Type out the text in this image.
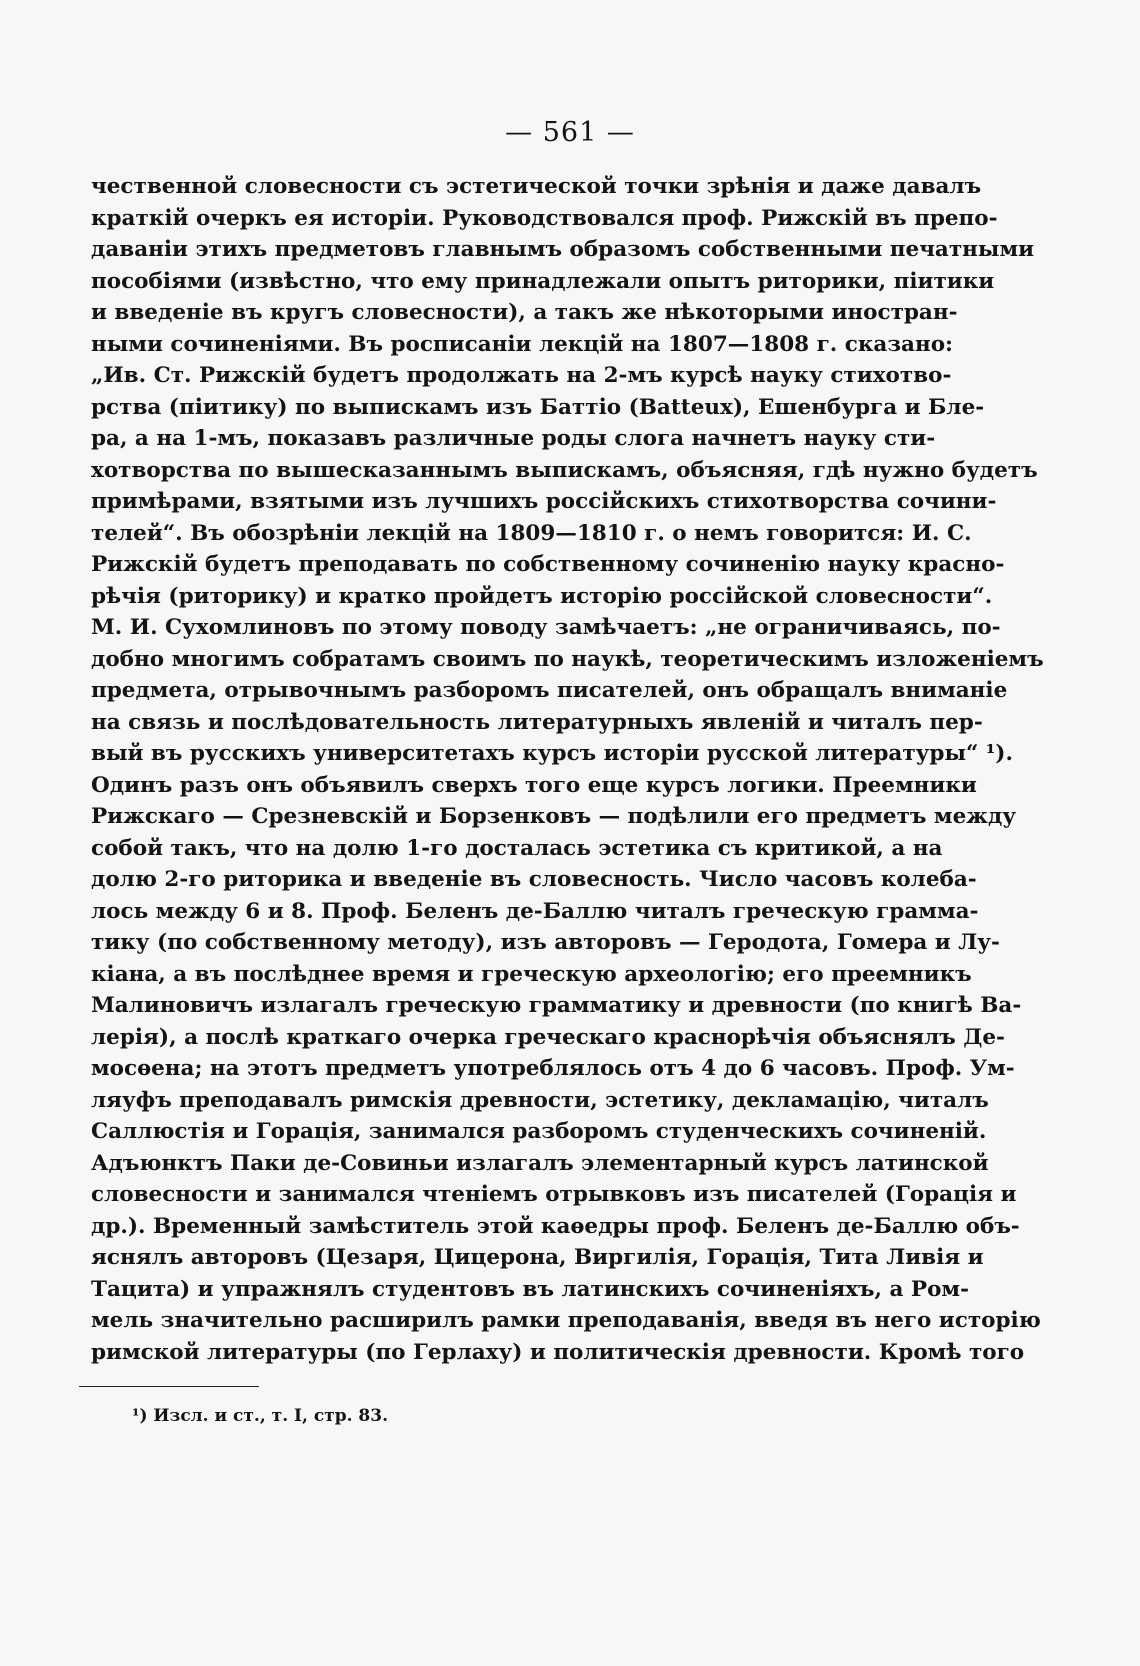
— 561 —
чественной словесности съ эстетической точки зрѣнія и даже давалъ
краткій очеркъ ея исторіи. Руководствовался проф. Рижскій въ препо-
даваніи этихъ предметовъ главнымъ образомъ собственными печатными
пособіями (извѣстно, что ему принадлежали опытъ риторики, піитики
и введеніе въ кругъ словесности), а такъ же нѣкоторыми иностран-
ными сочиненіями. Въ росписаніи лекцій на 1807—1808 г. сказано:
„Ив. Ст. Рижскій будетъ продолжать на 2-мъ курсѣ науку стихотво-
рства (піитику) по выпискамъ изъ Баттіо (Batteux), Ешенбурга и Бле-
ра, а на 1-мъ, показавъ различные роды слога начнетъ науку сти-
хотворства по вышесказаннымъ выпискамъ, объясняя, гдѣ нужно будетъ
примѣрами, взятыми изъ лучшихъ россійскихъ стихотворства сочини-
телей“. Въ обозрѣніи лекцій на 1809—1810 г. о немъ говорится: И. С.
Рижскій будетъ преподавать по собственному сочиненію науку красно-
рѣчія (риторику) и кратко пройдетъ исторію россійской словесности“.
М. И. Сухомлиновъ по этому поводу замѣчаетъ: „не ограничиваясь, по-
добно многимъ собратамъ своимъ по наукѣ, теоретическимъ изложеніемъ
предмета, отрывочнымъ разборомъ писателей, онъ обращалъ вниманіе
на связь и послѣдовательность литературныхъ явленій и читалъ пер-
вый въ русскихъ университетахъ курсъ исторіи русской литературы“ ¹).
Одинъ разъ онъ объявилъ сверхъ того еще курсъ логики. Преемники
Рижскаго — Срезневскій и Борзенковъ — подѣлили его предметъ между
собой такъ, что на долю 1-го досталась эстетика съ критикой, а на
долю 2-го риторика и введеніе въ словесность. Число часовъ колеба-
лось между 6 и 8. Проф. Беленъ де-Баллю читалъ греческую грамма-
тику (по собственному методу), изъ авторовъ — Геродота, Гомера и Лу-
кіана, а въ послѣднее время и греческую археологію; его преемникъ
Малиновичъ излагалъ греческую грамматику и древности (по книгѣ Ва-
лерія), а послѣ краткаго очерка греческаго краснорѣчія объяснялъ Де-
мосѳена; на этотъ предметъ употреблялось отъ 4 до 6 часовъ. Проф. Ум-
ляуфъ преподавалъ римскія древности, эстетику, декламацію, читалъ
Саллюстія и Горація, занимался разборомъ студенческихъ сочиненій.
Адъюнктъ Паки де-Совиньи излагалъ элементарный курсъ латинской
словесности и занимался чтеніемъ отрывковъ изъ писателей (Горація и
др.). Временный замѣститель этой каѳедры проф. Беленъ де-Баллю объ-
яснялъ авторовъ (Цезаря, Цицерона, Виргилія, Горація, Тита Ливія и
Тацита) и упражнялъ студентовъ въ латинскихъ сочиненіяхъ, а Ром-
мель значительно расширилъ рамки преподаванія, введя въ него исторію
римской литературы (по Герлаху) и политическія древности. Кромѣ того
¹) Изсл. и ст., т. I, стр. 83.
